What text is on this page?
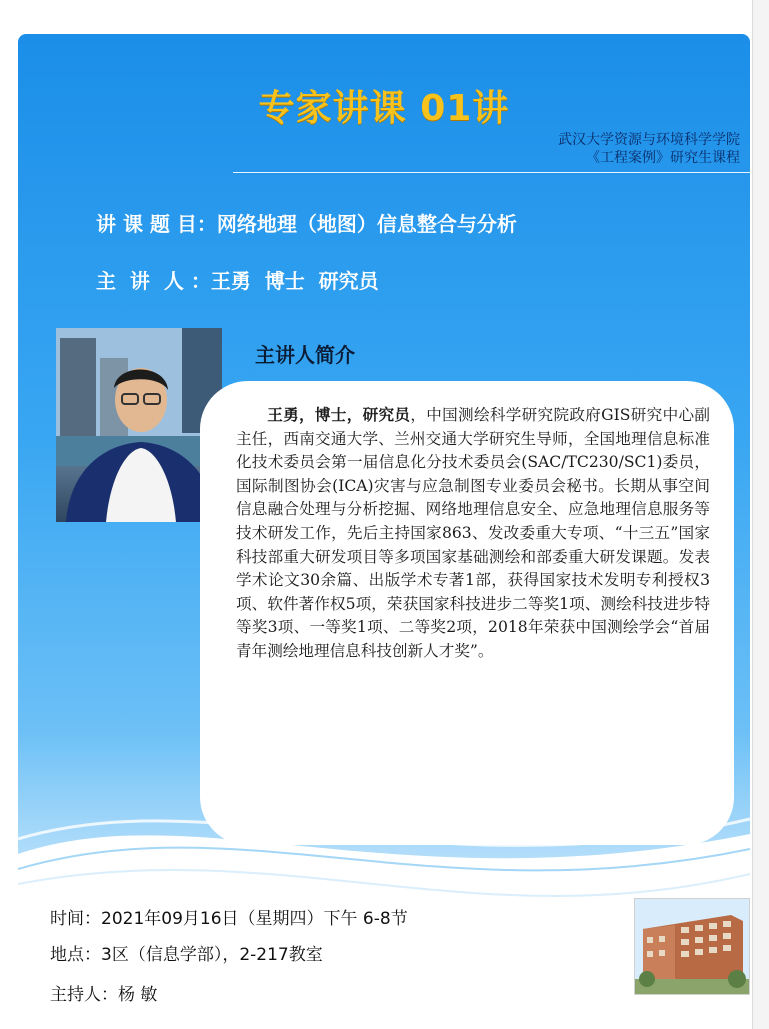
专家讲课 01讲
武汉大学资源与环境科学学院
《工程案例》研究生课程
讲 课 题 目：网络地理（地图）信息整合与分析
主  讲  人 ：王勇  博士  研究员
主讲人简介

王勇，博士，研究员，中国测绘科学研究院政府GIS研究中心副主任，西南交通大学、兰州交通大学研究生导师，全国地理信息标准化技术委员会第一届信息化分技术委员会(SAC/TC230/SC1)委员，国际制图协会(ICA)灾害与应急制图专业委员会秘书。长期从事空间信息融合处理与分析挖掘、网络地理信息安全、应急地理信息服务等技术研发工作，先后主持国家863、发改委重大专项、“十三五”国家科技部重大研发项目等多项国家基础测绘和部委重大研发课题。发表学术论文30余篇、出版学术专著1部，获得国家技术发明专利授权3项、软件著作权5项，荣获国家科技进步二等奖1项、测绘科技进步特等奖3项、一等奖1项、二等奖2项，2018年荣获中国测绘学会“首届青年测绘地理信息科技创新人才奖”。

时间：2021年09月16日（星期四）下午 6-8节
地点：3区（信息学部），2-217教室
主持人：杨 敏
